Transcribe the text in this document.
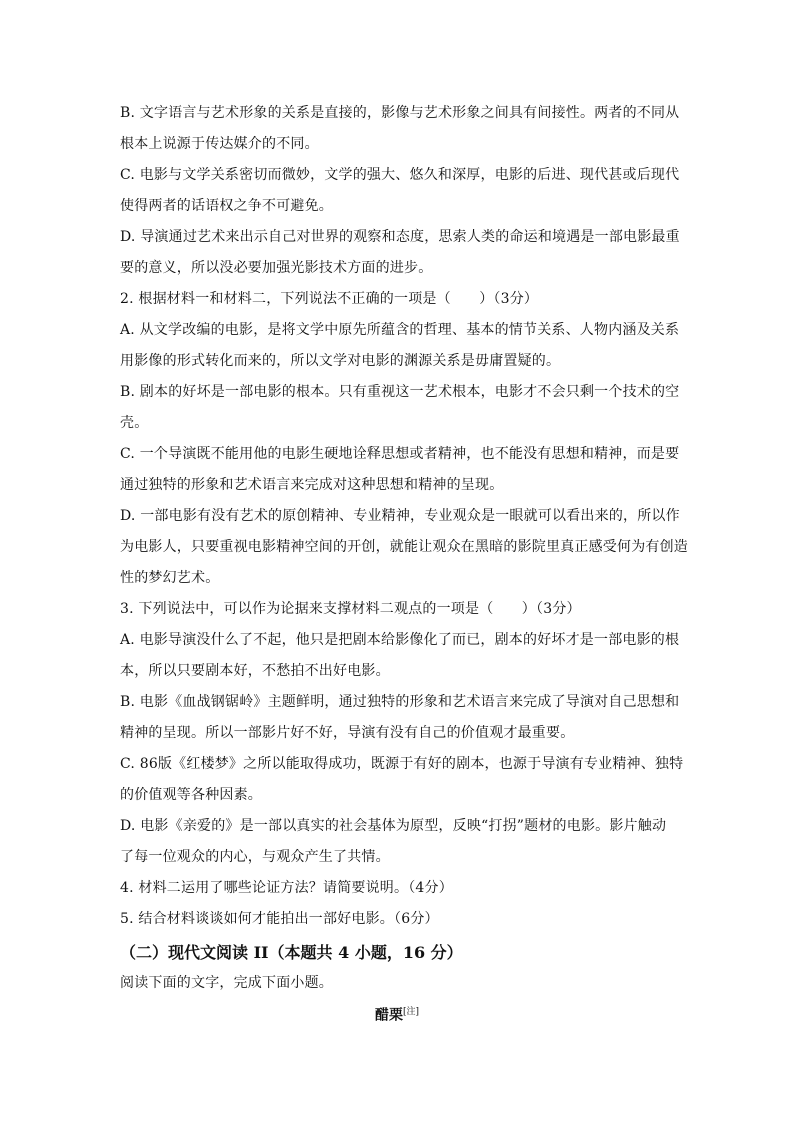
B. 文字语言与艺术形象的关系是直接的，影像与艺术形象之间具有间接性。两者的不同从
根本上说源于传达媒介的不同。
C. 电影与文学关系密切而微妙，文学的强大、悠久和深厚，电影的后进、现代甚或后现代
使得两者的话语权之争不可避免。
D. 导演通过艺术来出示自己对世界的观察和态度，思索人类的命运和境遇是一部电影最重
要的意义，所以没必要加强光影技术方面的进步。
2. 根据材料一和材料二，下列说法不正确的一项是（　　）（3分）
A. 从文学改编的电影，是将文学中原先所蕴含的哲理、基本的情节关系、人物内涵及关系
用影像的形式转化而来的，所以文学对电影的渊源关系是毋庸置疑的。
B. 剧本的好坏是一部电影的根本。只有重视这一艺术根本，电影才不会只剩一个技术的空
壳。
C. 一个导演既不能用他的电影生硬地诠释思想或者精神，也不能没有思想和精神，而是要
通过独特的形象和艺术语言来完成对这种思想和精神的呈现。
D. 一部电影有没有艺术的原创精神、专业精神，专业观众是一眼就可以看出来的，所以作
为电影人，只要重视电影精神空间的开创，就能让观众在黑暗的影院里真正感受何为有创造
性的梦幻艺术。
3. 下列说法中，可以作为论据来支撑材料二观点的一项是（　　）（3分）
A. 电影导演没什么了不起，他只是把剧本给影像化了而已，剧本的好坏才是一部电影的根
本，所以只要剧本好，不愁拍不出好电影。
B. 电影《血战钢锯岭》主题鲜明，通过独特的形象和艺术语言来完成了导演对自己思想和
精神的呈现。所以一部影片好不好，导演有没有自己的价值观才最重要。
C. 86版《红楼梦》之所以能取得成功，既源于有好的剧本，也源于导演有专业精神、独特
的价值观等各种因素。
D. 电影《亲爱的》是一部以真实的社会基体为原型，反映“打拐”题材的电影。影片触动
了每一位观众的内心，与观众产生了共情。
4. 材料二运用了哪些论证方法？请简要说明。（4分）
5. 结合材料谈谈如何才能拍出一部好电影。（6分）
（二）现代文阅读 II（本题共 4 小题，16 分）
阅读下面的文字，完成下面小题。
醋栗[注]
